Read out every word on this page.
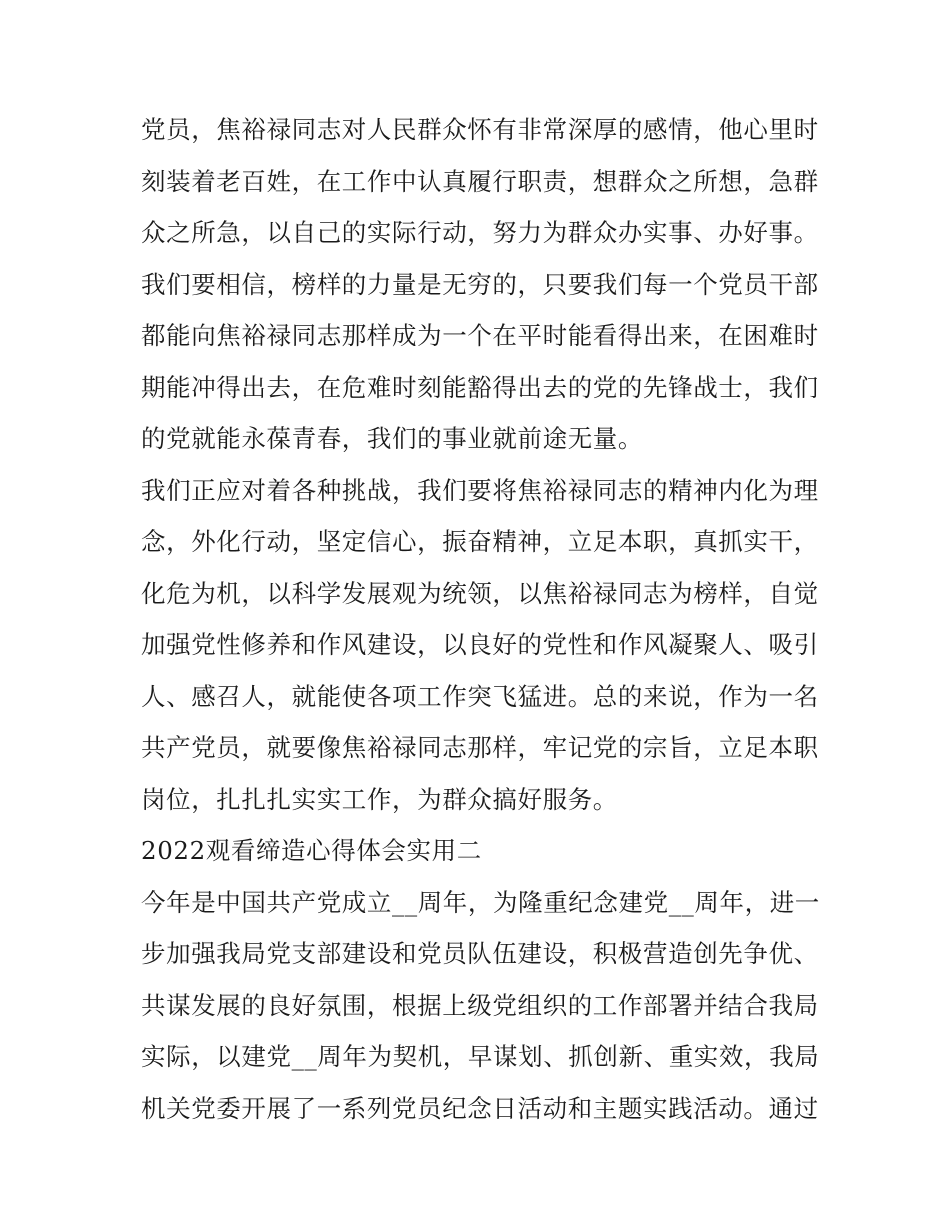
党员，焦裕禄同志对人民群众怀有非常深厚的感情，他心里时
刻装着老百姓，在工作中认真履行职责，想群众之所想，急群
众之所急，以自己的实际行动，努力为群众办实事、办好事。
我们要相信，榜样的力量是无穷的，只要我们每一个党员干部
都能向焦裕禄同志那样成为一个在平时能看得出来，在困难时
期能冲得出去，在危难时刻能豁得出去的党的先锋战士，我们
的党就能永葆青春，我们的事业就前途无量。
我们正应对着各种挑战，我们要将焦裕禄同志的精神内化为理
念，外化行动，坚定信心，振奋精神，立足本职，真抓实干，
化危为机，以科学发展观为统领，以焦裕禄同志为榜样，自觉
加强党性修养和作风建设，以良好的党性和作风凝聚人、吸引
人、感召人，就能使各项工作突飞猛进。总的来说，作为一名
共产党员，就要像焦裕禄同志那样，牢记党的宗旨，立足本职
岗位，扎扎扎实实工作，为群众搞好服务。
2022观看缔造心得体会实用二
今年是中国共产党成立__周年，为隆重纪念建党__周年，进一
步加强我局党支部建设和党员队伍建设，积极营造创先争优、
共谋发展的良好氛围，根据上级党组织的工作部署并结合我局
实际，以建党__周年为契机，早谋划、抓创新、重实效，我局
机关党委开展了一系列党员纪念日活动和主题实践活动。通过
